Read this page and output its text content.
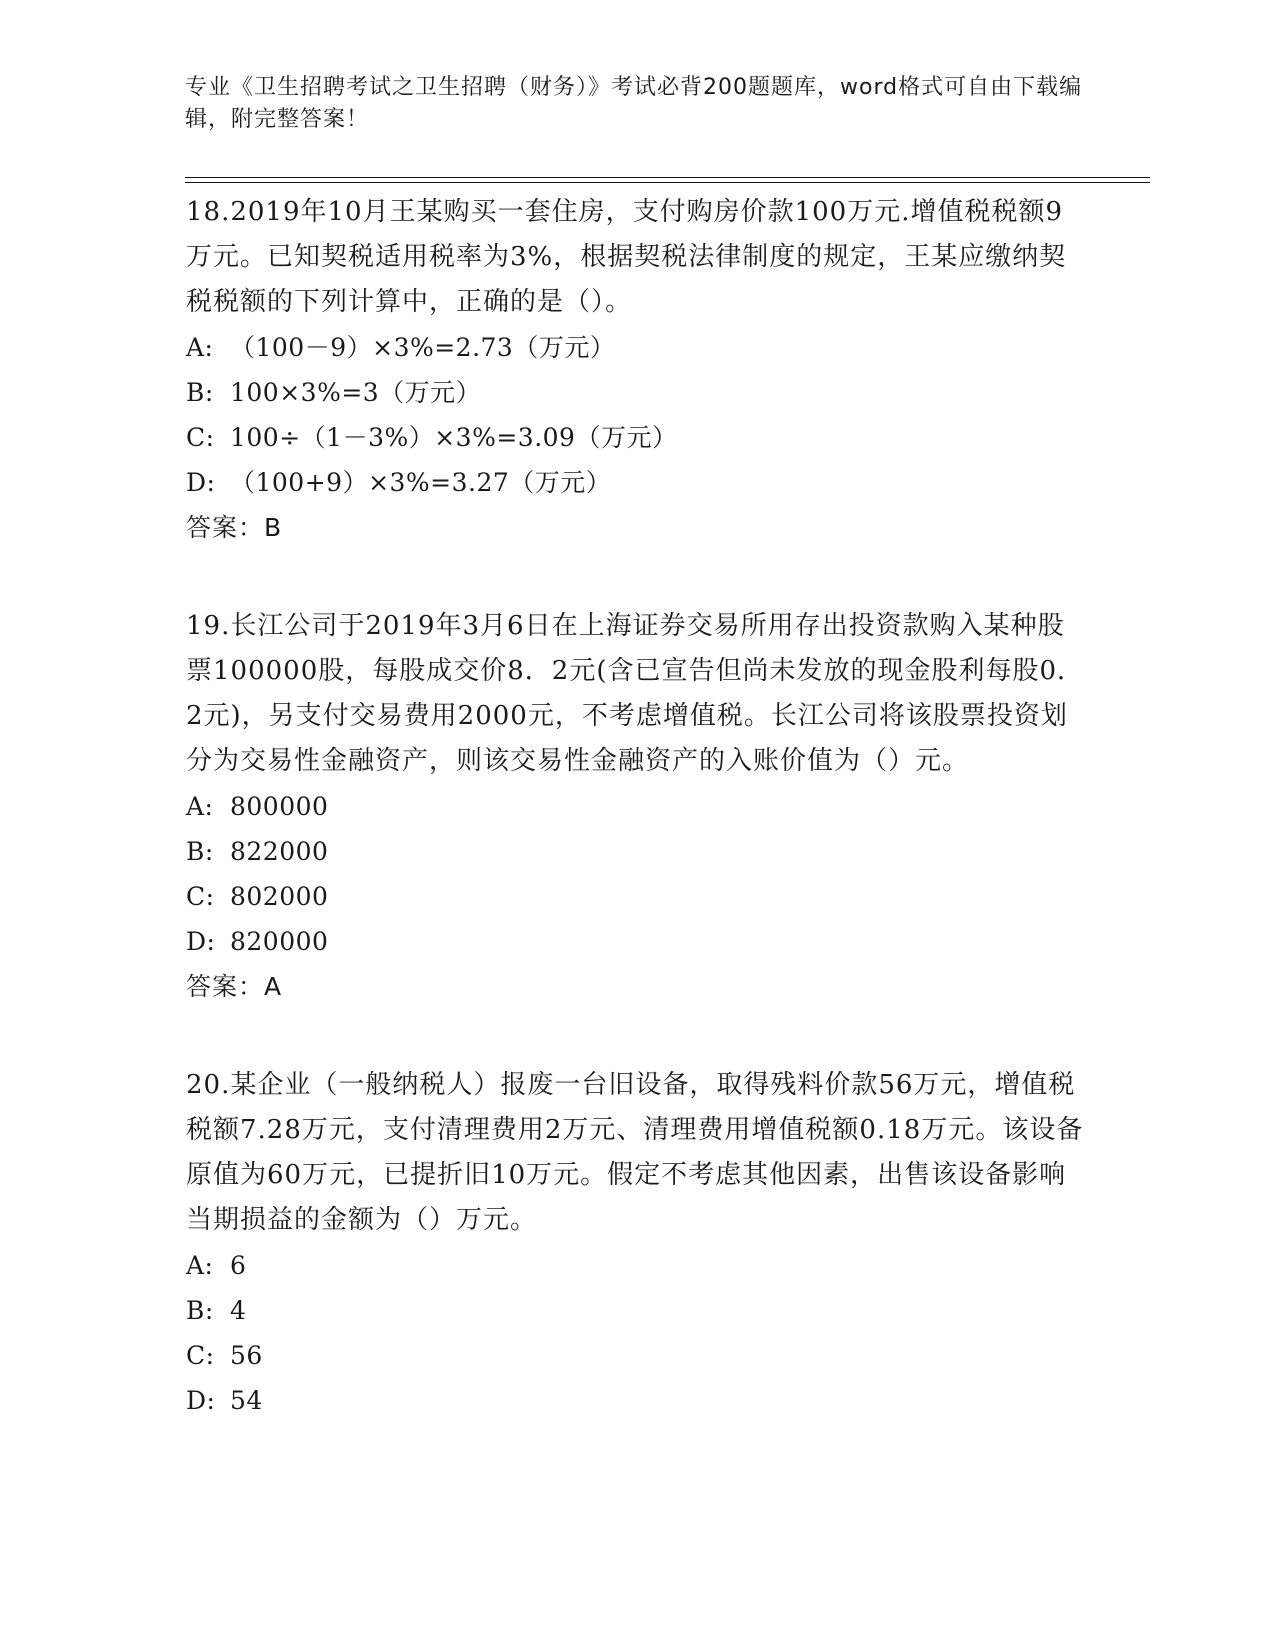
专业《卫生招聘考试之卫生招聘（财务）》考试必背200题题库，word格式可自由下载编辑，附完整答案！

18.2019年10月王某购买一套住房，支付购房价款100万元.增值税税额9万元。已知契税适用税率为3%，根据契税法律制度的规定，王某应缴纳契税税额的下列计算中，正确的是（）。

A: （100－9）×3%=2.73（万元）

B: 100×3%=3（万元）

C: 100÷（1－3%）×3%=3.09（万元）

D: （100+9）×3%=3.27（万元）

答案：B

19.长江公司于2019年3月6日在上海证券交易所用存出投资款购入某种股票100000股，每股成交价8．2元(含已宣告但尚未发放的现金股利每股0．2元)，另支付交易费用2000元，不考虑增值税。长江公司将该股票投资划分为交易性金融资产，则该交易性金融资产的入账价值为（）元。

A: 800000

B: 822000

C: 802000

D: 820000

答案：A

20.某企业（一般纳税人）报废一台旧设备，取得残料价款56万元，增值税税额7.28万元，支付清理费用2万元、清理费用增值税额0.18万元。该设备原值为60万元，已提折旧10万元。假定不考虑其他因素，出售该设备影响当期损益的金额为（）万元。

A: 6

B: 4

C: 56

D: 54
